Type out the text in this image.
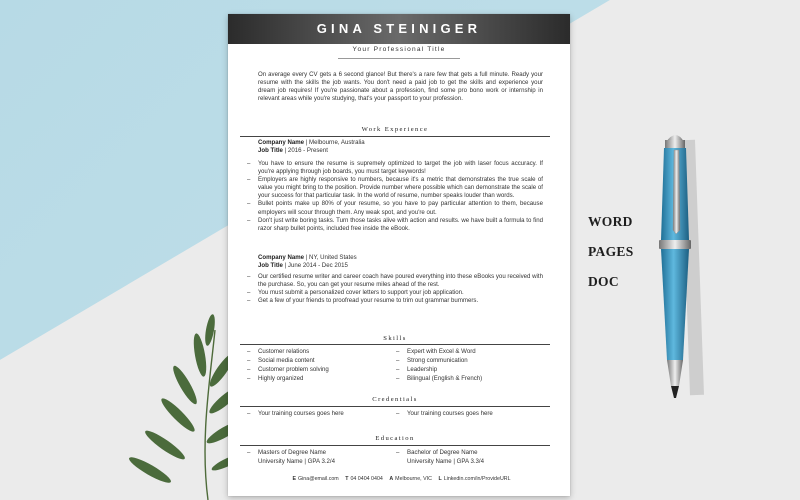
GINA STEINIGER
Your Professional Title
On average every CV gets a 6 second glance! But there's a rare few that gets a full minute. Ready your resume with the skills the job wants. You don't need a paid job to get the skills and experience your dream job requires! If you're passionate about a profession, find some pro bono work or internship in relevant areas while you're studying, that's your passport to your profession.
Work Experience
Company Name | Melbourne, Australia
Job Title | 2016 - Present
– You have to ensure the resume is supremely optimized to target the job with laser focus accuracy. If you're applying through job boards, you must target keywords!
– Employers are highly responsive to numbers, because it's a metric that demonstrates the true scale of value you might bring to the position. Provide number where possible which can demonstrate the scale of your success for that particular task. In the world of resume, number speaks louder than words.
– Bullet points make up 80% of your resume, so you have to pay particular attention to them, because employers will scour through them. Any weak spot, and you're out.
– Don't just write boring tasks. Turn those tasks alive with action and results. we have built a formula to find razor sharp bullet points, included free inside the eBook.
Company Name | NY, United States
Job Title | June 2014 - Dec 2015
– Our certified resume writer and career coach have poured everything into these eBooks you received with the purchase. So, you can get your resume miles ahead of the rest.
– You must submit a personalized cover letters to support your job application.
– Get a few of your friends to proofread your resume to trim out grammar bummers.
Skills
– Customer relations
– Social media content
– Customer problem solving
– Highly organized
– Expert with Excel & Word
– Strong communication
– Leadership
– Bilingual (English & French)
Credentials
– Your training courses goes here
–	Your training courses goes here
Education
– Masters of Degree Name
University Name | GPA 3.2/4
– Bachelor of Degree Name
University Name | GPA 3.3/4
E Gina@email.com T 04 0404 0404 A Melbourne, VIC L Linkedin.com/in/ProvideURL
WORD
PAGES
DOC
